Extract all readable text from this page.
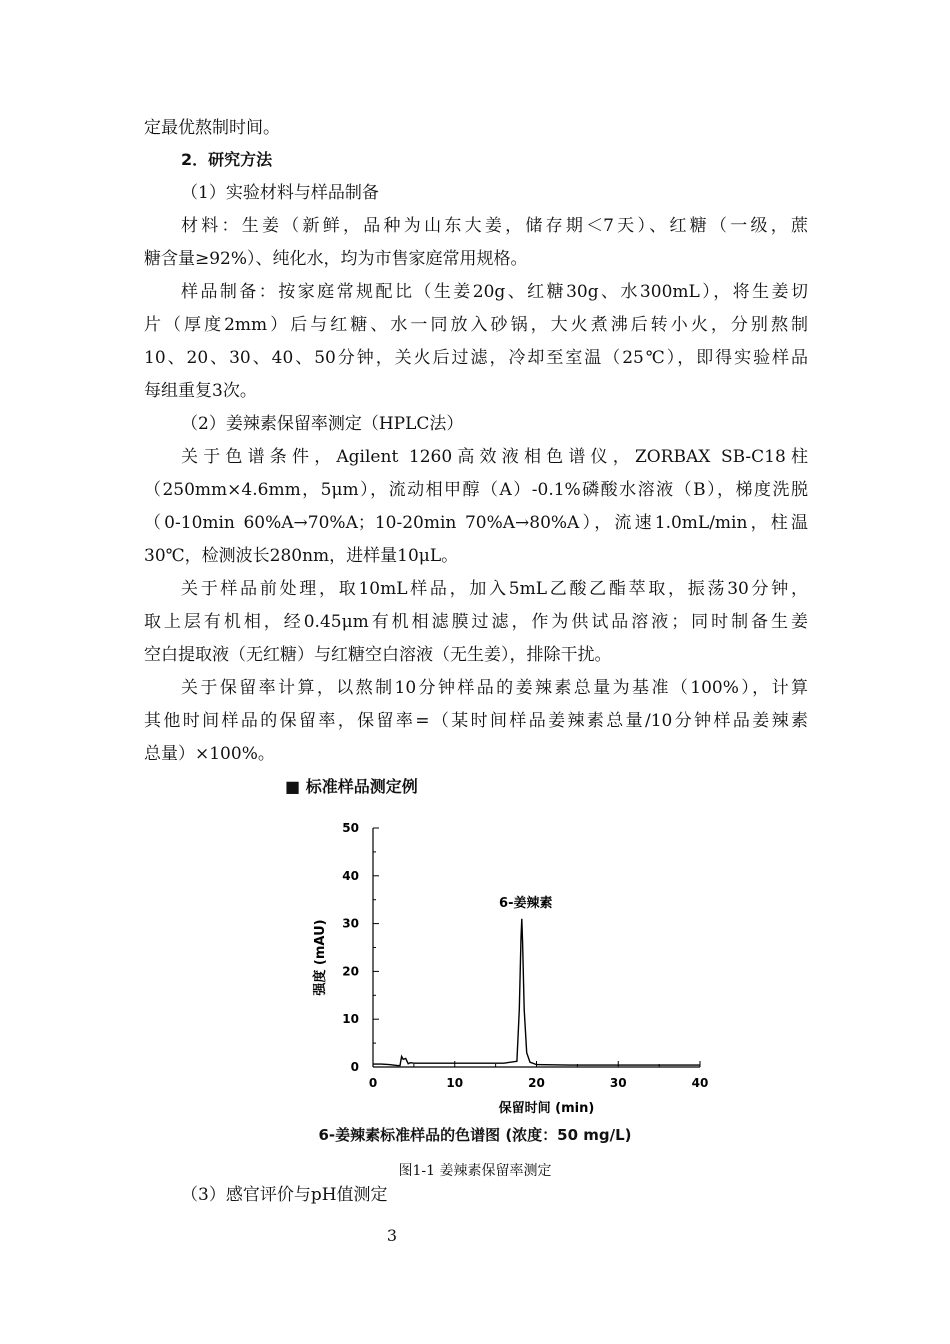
定最优熬制时间。
2．研究方法
（1）实验材料与样品制备
材料：生姜（新鲜，品种为山东大姜，储存期＜7天）、红糖（一级，蔗
糖含量≥92%）、纯化水，均为市售家庭常用规格。
样品制备：按家庭常规配比（生姜20g、红糖30g、水300mL），将生姜切
片（厚度2mm）后与红糖、水一同放入砂锅，大火煮沸后转小火，分别熬制
10、20、30、40、50分钟，关火后过滤，冷却至室温（25℃），即得实验样品
每组重复3次。
（2）姜辣素保留率测定（HPLC法）
关于色谱条件，Agilent 1260高效液相色谱仪，ZORBAX SB-C18柱
（250mm×4.6mm，5μm），流动相甲醇（A）-0.1%磷酸水溶液（B），梯度洗脱
（0-10min 60%A→70%A；10-20min 70%A→80%A），流速1.0mL/min，柱温
30℃，检测波长280nm，进样量10μL。
关于样品前处理，取10mL样品，加入5mL乙酸乙酯萃取，振荡30分钟，
取上层有机相，经0.45μm有机相滤膜过滤，作为供试品溶液；同时制备生姜
空白提取液（无红糖）与红糖空白溶液（无生姜），排除干扰。
关于保留率计算，以熬制10分钟样品的姜辣素总量为基准（100%），计算
其他时间样品的保留率，保留率=（某时间样品姜辣素总量/10分钟样品姜辣素
总量）×100%。
■ 标准样品测定例
0
10
20
30
40
50
0	10	20	30	40
6-姜辣素
保留时间 (min)
强度 (mAU)
6-姜辣素标准样品的色谱图 (浓度：50 mg/L)
图1-1 姜辣素保留率测定
（3）感官评价与pH值测定
3
